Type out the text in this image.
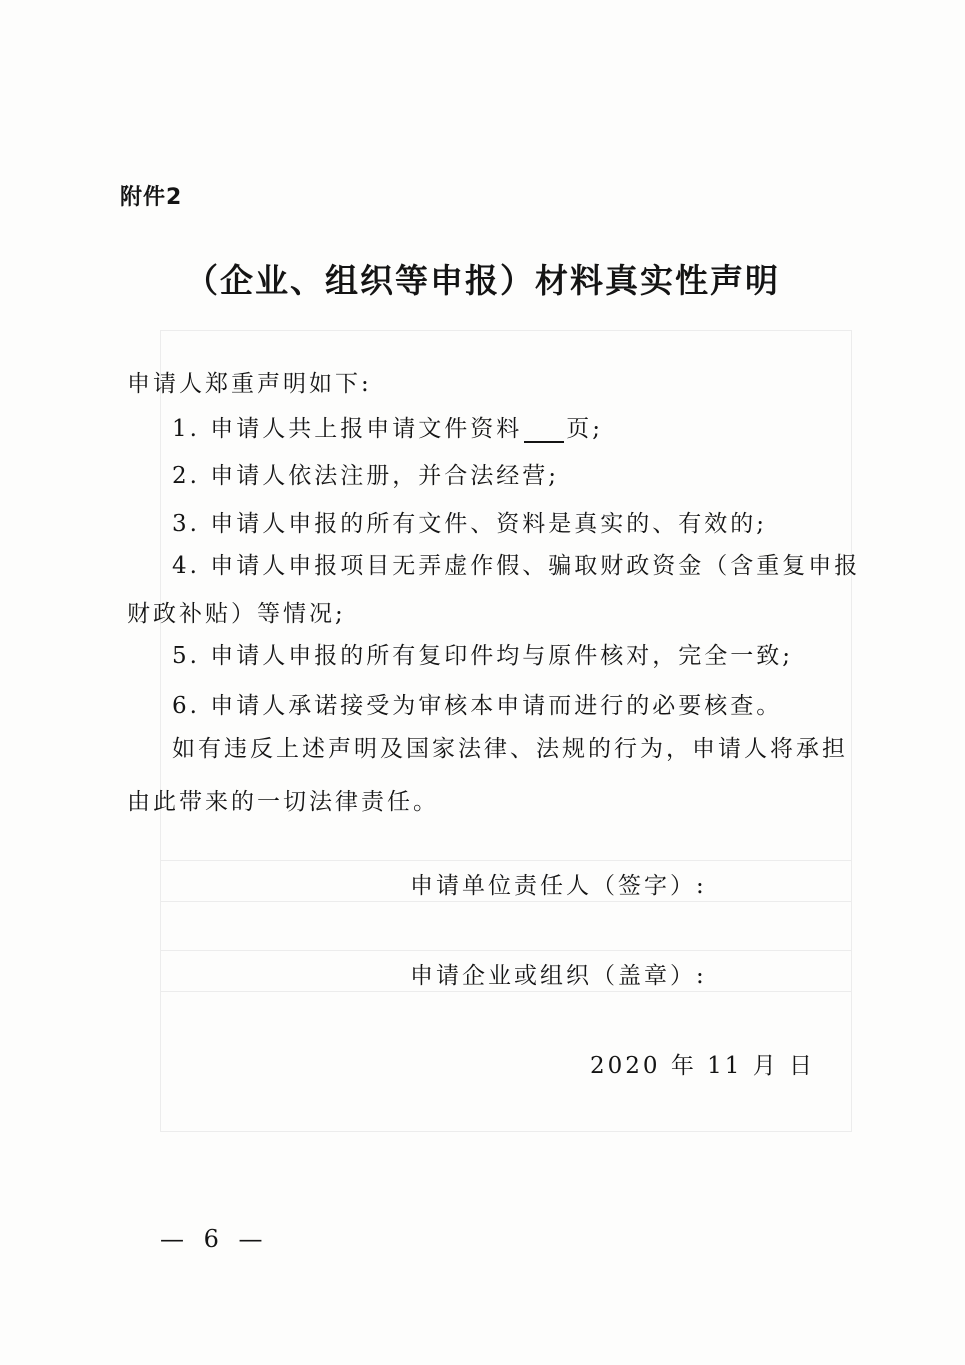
附件2
（企业、组织等申报）材料真实性声明
申请人郑重声明如下:
1. 申请人共上报申请文件资料 页;
2. 申请人依法注册，并合法经营;
3. 申请人申报的所有文件、资料是真实的、有效的;
4. 申请人申报项目无弄虚作假、骗取财政资金（含重复申报
财政补贴）等情况;
5. 申请人申报的所有复印件均与原件核对，完全一致;
6. 申请人承诺接受为审核本申请而进行的必要核查。
如有违反上述声明及国家法律、法规的行为，申请人将承担
由此带来的一切法律责任。
申请单位责任人（签字）:
申请企业或组织（盖章）:
2020 年 11 月 日
— 6 —
